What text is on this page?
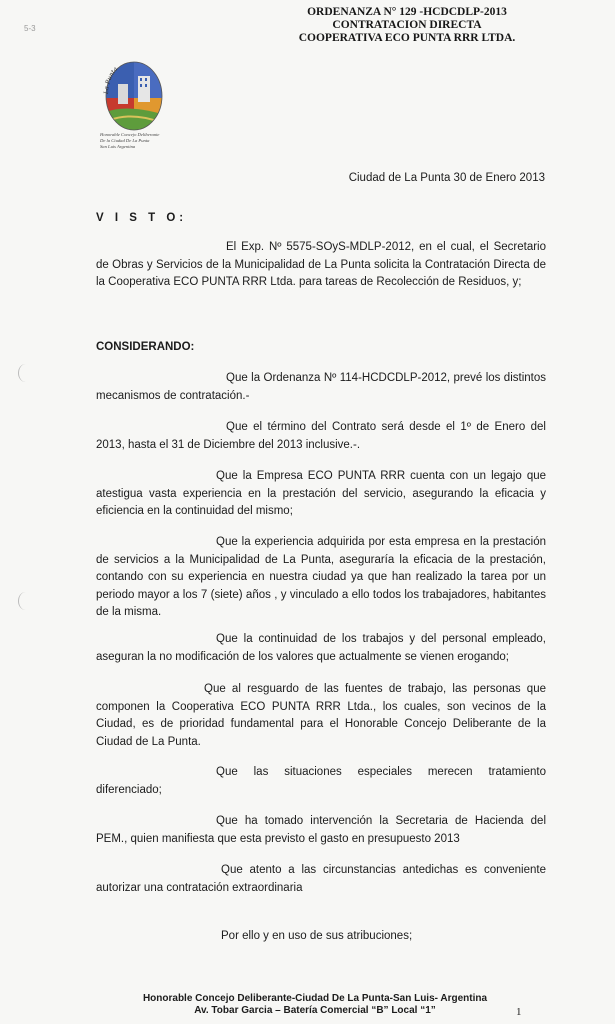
5-3
ORDENANZA N° 129 -HCDCDLP-2013
CONTRATACION DIRECTA
COOPERATIVA ECO PUNTA RRR LTDA.
La Punta
Honorable Concejo Deliberante
De la Ciudad De La Punta
San Luis Argentina
Ciudad de La Punta 30 de Enero 2013
V I S T O:
El Exp. Nº 5575-SOyS-MDLP-2012, en el cual, el Secretario de Obras y Servicios de la Municipalidad de La Punta solicita la Contratación Directa de la Cooperativa ECO PUNTA RRR Ltda. para tareas de Recolección de Residuos, y;
CONSIDERANDO:
Que la Ordenanza Nº 114-HCDCDLP-2012, prevé los distintos mecanismos de contratación.-
Que el término del Contrato será desde el 1º de Enero del 2013, hasta el 31 de Diciembre del 2013 inclusive.-.
Que la Empresa ECO PUNTA RRR cuenta con un legajo que atestigua vasta experiencia en la prestación del servicio, asegurando la eficacia y eficiencia en la continuidad del mismo;
Que la experiencia adquirida por esta empresa en la prestación de servicios a la Municipalidad de La Punta, aseguraría la eficacia de la prestación, contando con su experiencia en nuestra ciudad ya que han realizado la tarea por un periodo mayor a los 7 (siete) años , y vinculado a ello todos los trabajadores, habitantes de la misma.
Que la continuidad de los trabajos y del personal empleado, aseguran la no modificación de los valores que actualmente se vienen erogando;
Que al resguardo de las fuentes de trabajo, las personas que componen la Cooperativa ECO PUNTA RRR Ltda., los cuales, son vecinos de la Ciudad, es de prioridad fundamental para el Honorable Concejo Deliberante de la Ciudad de La Punta.
Que las situaciones especiales merecen tratamiento diferenciado;
Que ha tomado intervención la Secretaria de Hacienda del PEM., quien manifiesta que esta previsto el gasto en presupuesto 2013
Que atento a las circunstancias antedichas es conveniente autorizar una contratación extraordinaria
Por ello y en uso de sus atribuciones;
Honorable Concejo Deliberante-Ciudad De La Punta-San Luis- Argentina
Av. Tobar Garcia – Batería Comercial “B” Local “1”	1
